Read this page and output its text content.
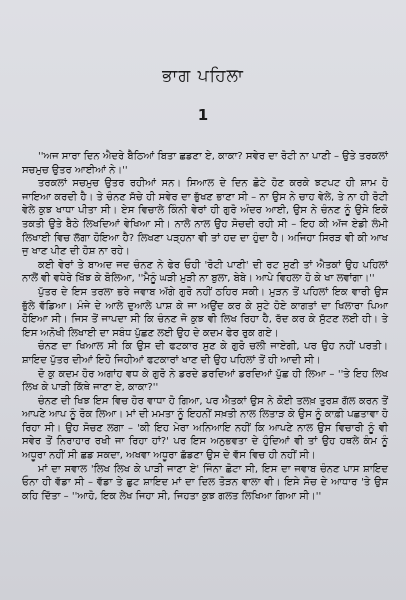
ਭਾਗ ਪਹਿਲਾ
1

''ਅਜ ਸਾਰਾ ਦਿਨ ਐਦਰੇ ਬੈਠਿਆਂ ਬਿਤਾ ਛਡਣਾ ਏ, ਕਾਕਾ? ਸਵੇਰ ਦਾ ਰੋਟੀ ਨਾ ਪਾਣੀ – ਉਤੇ ਤਰਕਲਾਂ ਸਚਮੁਚ ਉਤਰ ਆਈਆਂ ਨੇ।''

ਤਰਕਲਾਂ ਸਚਮੁਚ ਉਤਰ ਰਹੀਆਂ ਸਨ। ਸਿਆਲ ਦੇ ਦਿਨ ਛੋਟੇ ਹੋਣ ਕਰਕੇ ਝਟਪਟ ਹੀ ਸ਼ਾਮ ਹੋ ਜਾਇਆ ਕਰਦੀ ਹੈ। ਤੇ ਚੰਨਣ ਸੱਚੇ ਹੀ ਸਵੇਰ ਦਾ ਭੁੱਖਣ ਭਾਣਾ ਸੀ – ਨਾ ਉਸ ਨੇ ਚਾਹ ਵੇਲੇ, ਤੇ ਨਾ ਹੀ ਰੋਟੀ ਵੇਲੇ ਕੁਝ ਖਾਧਾ ਪੀਤਾ ਸੀ। ਏਸ ਵਿਚਾਲੇ ਕਿੰਨੀ ਵੇਰਾਂ ਹੀ ਗੁਰੋ ਅੰਦਰ ਆਈ, ਉਸ ਨੇ ਚੰਨਣ ਨੂੰ ਉਸੇ ਇਕੋ ਤਕਤੀ ਉਤੇ ਬੈਠੇ ਲਿਖਦਿਆਂ ਵੇਖਿਆ ਸੀ। ਨਾਲੋ ਨਾਲ ਉਹ ਸੋਚਦੀ ਰਹੀ ਸੀ – ਇਹ ਕੀ ਅੱਜ ਏਡੀ ਲੰਮੀ ਲਿਖਾਈ ਵਿਚ ਲੱਗਾ ਹੋਇਆ ਹੈ? ਲਿਖਣਾ ਪੜ੍ਹਨਾ ਵੀ ਤਾਂ ਹਦ ਦਾ ਹੁੰਦਾ ਹੈ। ਅਜਿਹਾ ਸਿਰੜ ਵੀ ਕੀ ਆਖ ਜੁ ਖਾਣ ਪੀਣ ਦੀ ਹੋਸ਼ ਨਾ ਰਹੇ।

ਕਈ ਵੇਰਾਂ ਤੇ ਬਾਅਦ ਜਦ ਚੰਨਣ ਨੇ ਫੇਰ ਓਹੀ 'ਰੋਟੀ ਪਾਣੀ' ਦੀ ਰਟ ਸੁਣੀ ਤਾਂ ਐਤਕਾਂ ਉਹ ਪਹਿਲਾਂ ਨਾਲੋਂ ਵੀ ਵਧੇਰੇ ਖਿੱਝ ਕੇ ਬੋਲਿਆ, ''ਮੈਨੂੰ ਘੜੀ ਮੁੜੀ ਨਾ ਬੁਲਾ, ਬੇਬੇ। ਆਪੇ ਵਿਹਲਾ ਹੋ ਕੇ ਖਾ ਲਵਾਂਗਾ।''

ਪੁੱਤਰ ਦੇ ਇਸ ਤਰਲਾ ਭਰੇ ਜਵਾਬ ਅੱਗੇ ਗੁਰੋ ਨਹੀਂ ਠਹਿਰ ਸਕੀ। ਮੁੜਨ ਤੋਂ ਪਹਿਲਾਂ ਇਕ ਵਾਰੀ ਉਸ ਭੁੱਲੇ ਵੱਡਿਆ। ਮੰਜੇ ਦੇ ਆਲੇ ਦੁਆਲੇ ਪਾਸ਼ ਕੇ ਜਾ ਅਉਂਦ ਕਰ ਕੇ ਸੁਟੇ ਹੋਏ ਕਾਗਤਾਂ ਦਾ ਖਿਲਾਰਾ ਪਿਆ ਹੋਇਆ ਸੀ। ਜਿਸ ਤੋਂ ਜਾਪਦਾ ਸੀ ਕਿ ਚੰਨਣ ਜੋ ਕੁਝ ਵੀ ਲਿਖ ਰਿਹਾ ਹੈ, ਰੱਦ ਕਰ ਕੇ ਸੁੱਟਣ ਲਈ ਹੀ। ਤੇ ਇਸ ਅਨੋਖੀ ਲਿਖਾਈ ਦਾ ਸਬੰਧ ਪੁੱਛਣ ਲਈ ਉਹ ਦੇ ਕਦਮ ਫੇਰ ਰੁਕ ਗਏ।

ਚੰਨਣ ਦਾ ਖਿਆਲ ਸੀ ਕਿ ਉਸ ਦੀ ਫਟਕਾਰ ਸੁਣ ਕੇ ਗੁਰੋ ਚਲੀ ਜਾਏਗੀ, ਪਰ ਉਹ ਨਹੀਂ ਪਰਤੀ। ਸ਼ਾਇਦ ਪੁੱਤਰ ਦੀਆਂ ਇਹੋ ਜਿਹੀਆਂ ਫਟਕਾਰਾਂ ਖਾਣ ਦੀ ਉਹ ਪਹਿਲਾਂ ਤੋਂ ਹੀ ਆਦੀ ਸੀ।

ਦੋ ਕੁ ਕਦਮ ਹੋਰ ਅਗਾਂਹ ਵਧ ਕੇ ਗੁਰੋ ਨੇ ਡਰਦੇ ਡਰਦਿਆਂ ਡਰਦਿਆਂ ਪੁੱਛ ਹੀ ਲਿਆ – ''ਤੇ ਇਹ ਲਿਖ ਲਿਖ ਕੇ ਪਾੜੀ ਕਿੱਥੇ ਜਾਣਾ ਏ, ਕਾਕਾ?''

ਚੰਨਣ ਦੀ ਖਿਝ ਇਸ ਵਿਚ ਹੋਰ ਵਾਧਾ ਹੋ ਗਿਆ, ਪਰ ਐਤਕਾਂ ਉਸ ਨੇ ਕੋਈ ਤਲਖ਼ ਤੁਰਸ਼ ਗੱਲ ਕਰਨ ਤੋਂ ਆਪਣੇ ਆਪ ਨੂੰ ਰੋਕ ਲਿਆ। ਮਾਂ ਦੀ ਮਮਤਾ ਨੂੰ ਇਹਨੀਂ ਸਖ਼ਤੀ ਨਾਲ ਲਿਤਾੜ ਕੇ ਉਸ ਨੂੰ ਕਾਫ਼ੀ ਪਛਤਾਵਾ ਹੋ ਰਿਹਾ ਸੀ। ਉਹ ਸੋਚਣ ਲਗਾ – 'ਕੀ ਇਹ ਮੇਰਾ ਅਨਿਆਇ ਨਹੀਂ ਕਿ ਆਪਣੇ ਨਾਲ ਉਸ ਵਿਚਾਰੀ ਨੂੰ ਵੀ ਸਵੇਰ ਤੋਂ ਨਿਰਾਹਾਰ ਰਖੀ ਜਾ ਰਿਹਾ ਹਾਂ?' ਪਰ ਇਸ ਅਨੁਭਵਤਾ ਦੇ ਹੁੰਦਿਆਂ ਵੀ ਤਾਂ ਉਹ ਹਥਲੇ ਕੰਮ ਨੂੰ ਅਧੂਰਾ ਨਹੀਂ ਸੀ ਛਡ ਸਕਦਾ, ਅਖਵਾ ਅਧੂਰਾ ਛੱਡਣਾ ਉਸ ਦੇ ਵੱਸ ਵਿਚ ਹੀ ਨਹੀਂ ਸੀ।

ਮਾਂ ਦਾ ਸਵਾਲ 'ਲਿਖ ਲਿਖ ਕੇ ਪਾੜੀ ਜਾਣਾ ਏ' ਜਿੰਨਾ ਛੋਟਾ ਸੀ, ਇਸ ਦਾ ਜਵਾਬ ਚੰਨਣ ਪਾਸ ਸ਼ਾਇਦ ਓਨਾ ਹੀ ਵੱਡਾ ਸੀ – ਵੱਡਾ ਤੇ ਛੁਟ ਸ਼ਾਇਦ ਮਾਂ ਦਾ ਦਿਲ ਤੋੜਨ ਵਾਲਾ ਵੀ। ਇਸੇ ਸੋਚ ਦੇ ਆਧਾਰ 'ਤੇ ਉਸ ਕਹਿ ਦਿੱਤਾ – ''ਆਹੋ, ਇਕ ਲੇਖ ਜਿਹਾ ਸੀ, ਜਿਹਤਾ ਕੁਝ ਗਲਤ ਲਿਖਿਆ ਗਿਆ ਸੀ।''
